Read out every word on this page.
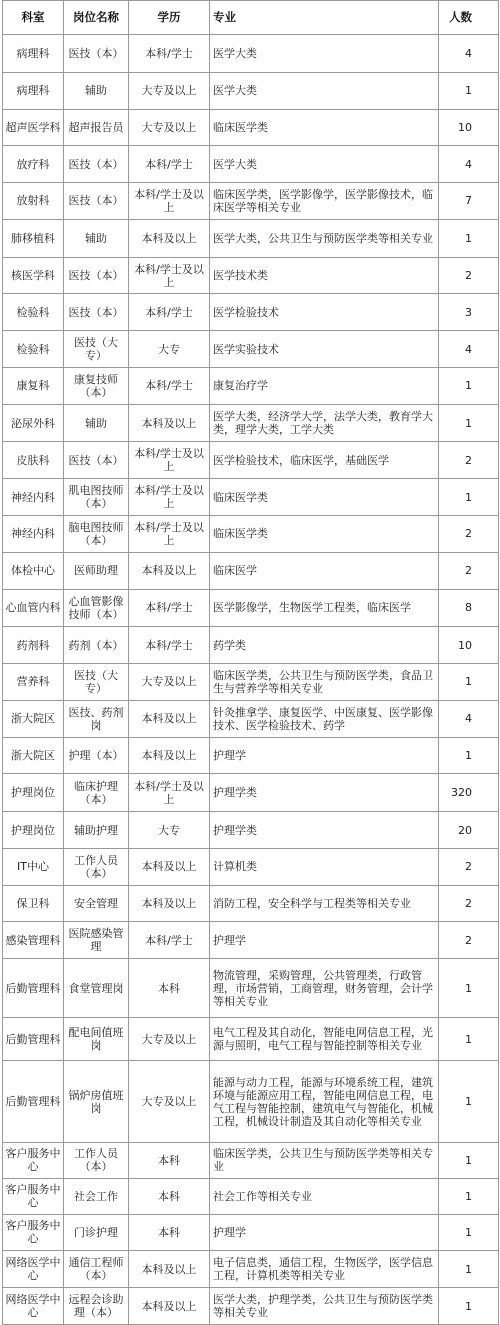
科室	岗位名称	学历	专业	人数
病理科	医技（本）	本科/学士	医学大类	4
病理科	辅助	大专及以上	医学大类	1
超声医学科	超声报告员	大专及以上	临床医学类	10
放疗科	医技（本）	本科/学士	医学大类	4
放射科	医技（本）	本科/学士及以上	临床医学类，医学影像学，医学影像技术，临床医学等相关专业	7
肺移植科	辅助	本科及以上	医学大类，公共卫生与预防医学类等相关专业	1
核医学科	医技（本）	本科/学士及以上	医学技术类	2
检验科	医技（本）	本科/学士	医学检验技术	3
检验科	医技（大专）	大专	医学实验技术	4
康复科	康复技师（本）	本科/学士	康复治疗学	1
泌尿外科	辅助	本科及以上	医学大类，经济学大学，法学大类，教育学大类，理学大类，工学大类	1
皮肤科	医技（本）	本科/学士及以上	医学检验技术，临床医学，基础医学	2
神经内科	肌电图技师（本）	本科/学士及以上	临床医学类	1
神经内科	脑电图技师（本）	本科/学士及以上	临床医学类	2
体检中心	医师助理	本科及以上	临床医学	2
心血管内科	心血管影像技师（本）	本科/学士	医学影像学，生物医学工程类，临床医学	8
药剂科	药剂（本）	本科/学士	药学类	10
营养科	医技（大专）	大专及以上	临床医学类，公共卫生与预防医学类，食品卫生与营养学等相关专业	1
浙大院区	医技、药剂岗	本科及以上	针灸推拿学、康复医学、中医康复、医学影像技术、医学检验技术、药学	4
浙大院区	护理（本）	本科及以上	护理学	1
护理岗位	临床护理（本）	本科/学士及以上	护理学类	320
护理岗位	辅助护理	大专	护理学类	20
IT中心	工作人员（本）	本科及以上	计算机类	2
保卫科	安全管理	本科及以上	消防工程，安全科学与工程类等相关专业	2
感染管理科	医院感染管理	本科/学士	护理学	2
后勤管理科	食堂管理岗	本科	物流管理，采购管理，公共管理类，行政管理，市场营销，工商管理，财务管理，会计学等相关专业	1
后勤管理科	配电间值班岗	大专及以上	电气工程及其自动化，智能电网信息工程，光源与照明，电气工程与智能控制等相关专业	1
后勤管理科	锅炉房值班岗	大专及以上	能源与动力工程，能源与环境系统工程，建筑环境与能源应用工程，智能电网信息工程，电气工程与智能控制，建筑电气与智能化，机械工程，机械设计制造及其自动化等相关专业	1
客户服务中心	工作人员（本）	本科	临床医学类，公共卫生与预防医学类等相关专业	1
客户服务中心	社会工作	本科	社会工作等相关专业	1
客户服务中心	门诊护理	本科	护理学	1
网络医学中心	通信工程师（本）	本科及以上	电子信息类，通信工程，生物医学，医学信息工程，计算机类等相关专业	1
网络医学中心	远程会诊助理（本）	本科及以上	医学大类，护理学类，公共卫生与预防医学类等相关专业	1
